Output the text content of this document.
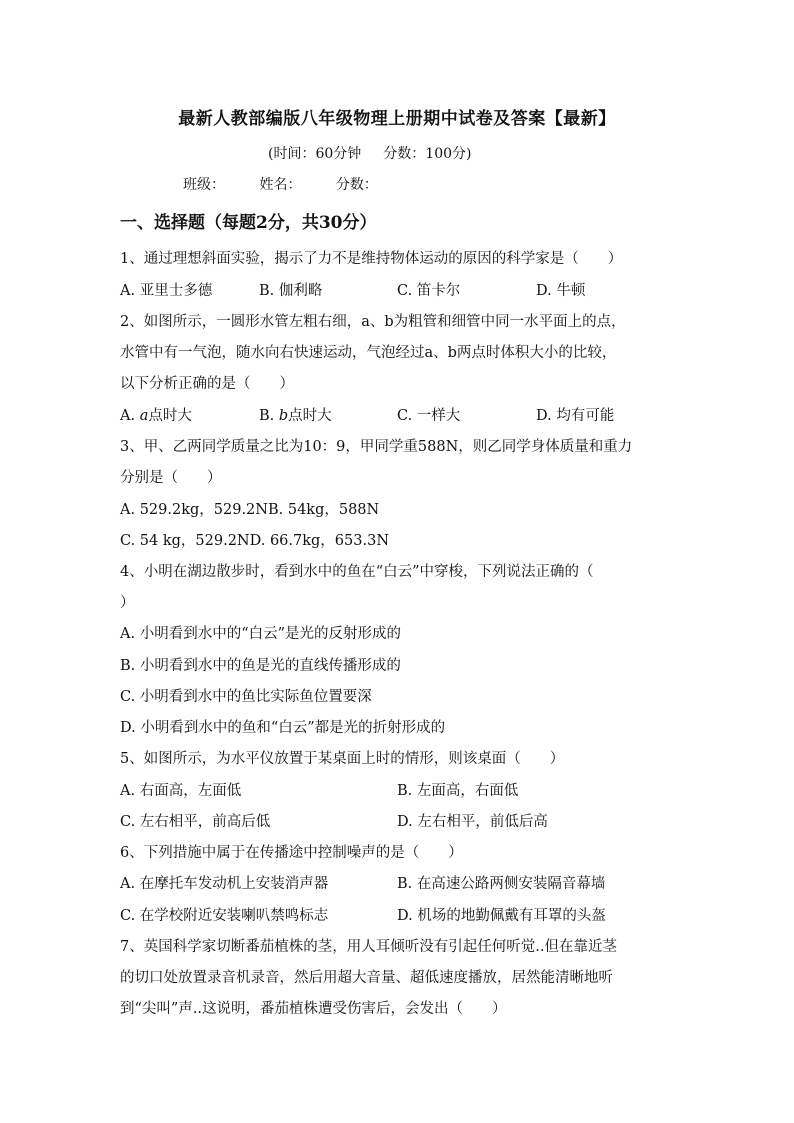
最新人教部编版八年级物理上册期中试卷及答案【最新】
(时间：60分钟 分数：100分)
班级： 姓名： 分数：
一、选择题（每题2分，共30分）
1、通过理想斜面实验，揭示了力不是维持物体运动的原因的科学家是（　　）
A. 亚里士多德	B. 伽利略	C. 笛卡尔	D. 牛顿
2、如图所示，一圆形水管左粗右细，a、b为粗管和细管中同一水平面上的点，
水管中有一气泡，随水向右快速运动，气泡经过a、b两点时体积大小的比较，
以下分析正确的是（　　）
A. a点时大	B. b点时大	C. 一样大	D. 均有可能
3、甲、乙两同学质量之比为10：9，甲同学重588N，则乙同学身体质量和重力
分别是（　　）
A. 529.2kg，529.2NB. 54kg，588N
C. 54 kg，529.2ND. 66.7kg，653.3N
4、小明在湖边散步时，看到水中的鱼在“白云”中穿梭，下列说法正确的（
）
A. 小明看到水中的“白云”是光的反射形成的
B. 小明看到水中的鱼是光的直线传播形成的
C. 小明看到水中的鱼比实际鱼位置要深
D. 小明看到水中的鱼和“白云”都是光的折射形成的
5、如图所示，为水平仪放置于某桌面上时的情形，则该桌面（　　）
A. 右面高，左面低	B. 左面高，右面低
C. 左右相平，前高后低	D. 左右相平，前低后高
6、下列措施中属于在传播途中控制噪声的是（　　）
A. 在摩托车发动机上安装消声器	B. 在高速公路两侧安装隔音幕墙
C. 在学校附近安装喇叭禁鸣标志	D. 机场的地勤佩戴有耳罩的头盔
7、英国科学家切断番茄植株的茎，用人耳倾听没有引起任何听觉..但在靠近茎
的切口处放置录音机录音，然后用超大音量、超低速度播放，居然能清晰地听
到“尖叫”声..这说明，番茄植株遭受伤害后，会发出（　　）
